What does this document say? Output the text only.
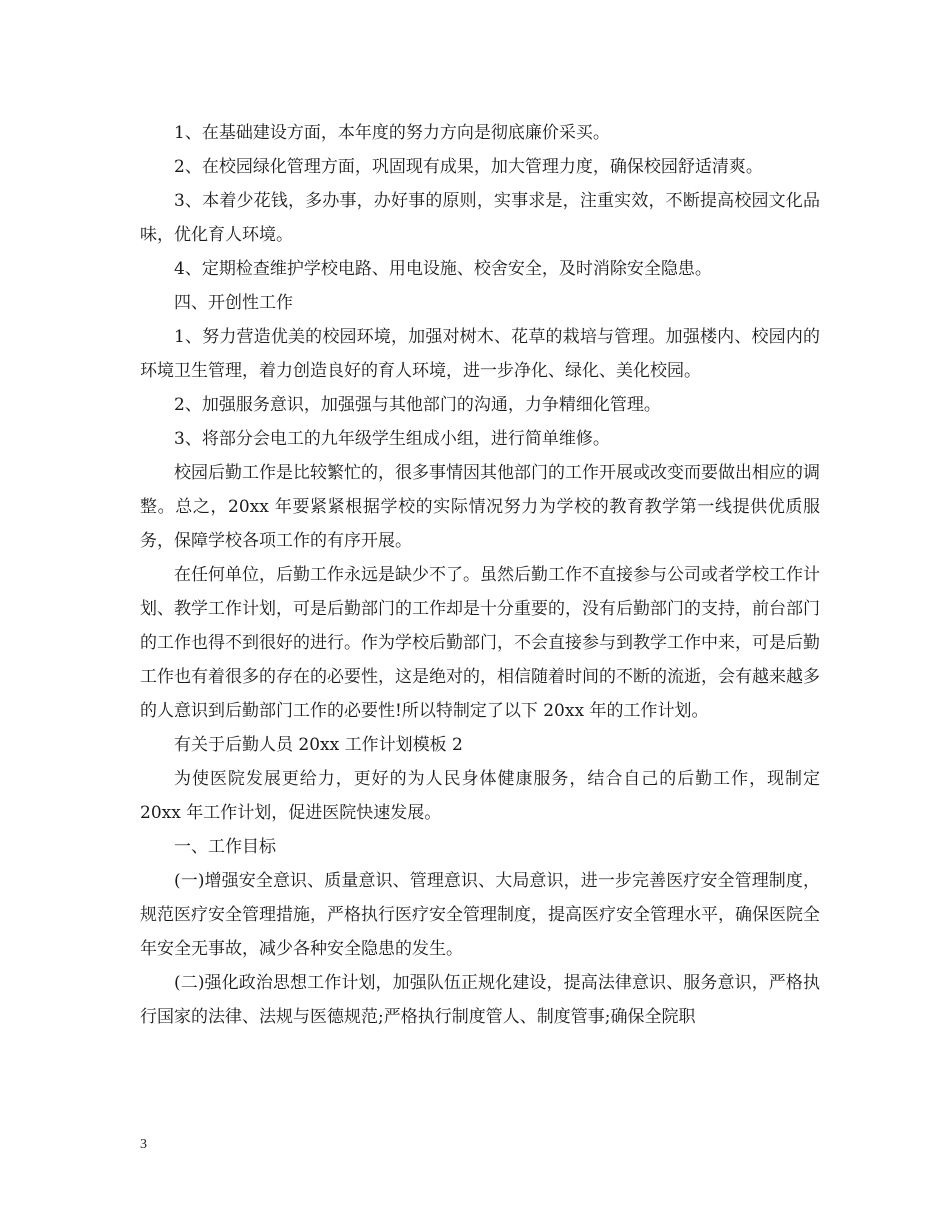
1、在基础建设方面，本年度的努力方向是彻底廉价采买。

2、在校园绿化管理方面，巩固现有成果，加大管理力度，确保校园舒适清爽。

3、本着少花钱，多办事，办好事的原则，实事求是，注重实效，不断提高校园文化品味，优化育人环境。

4、定期检查维护学校电路、用电设施、校舍安全，及时消除安全隐患。

四、开创性工作

1、努力营造优美的校园环境，加强对树木、花草的栽培与管理。加强楼内、校园内的环境卫生管理，着力创造良好的育人环境，进一步净化、绿化、美化校园。

2、加强服务意识，加强强与其他部门的沟通，力争精细化管理。

3、将部分会电工的九年级学生组成小组，进行简单维修。

校园后勤工作是比较繁忙的，很多事情因其他部门的工作开展或改变而要做出相应的调整。总之，20xx 年要紧紧根据学校的实际情况努力为学校的教育教学第一线提供优质服务，保障学校各项工作的有序开展。

在任何单位，后勤工作永远是缺少不了。虽然后勤工作不直接参与公司或者学校工作计划、教学工作计划，可是后勤部门的工作却是十分重要的，没有后勤部门的支持，前台部门的工作也得不到很好的进行。作为学校后勤部门，不会直接参与到教学工作中来，可是后勤工作也有着很多的存在的必要性，这是绝对的，相信随着时间的不断的流逝，会有越来越多的人意识到后勤部门工作的必要性!所以特制定了以下 20xx 年的工作计划。

有关于后勤人员 20xx 工作计划模板 2

为使医院发展更给力，更好的为人民身体健康服务，结合自己的后勤工作，现制定 20xx 年工作计划，促进医院快速发展。

一、工作目标

(一)增强安全意识、质量意识、管理意识、大局意识，进一步完善医疗安全管理制度，规范医疗安全管理措施，严格执行医疗安全管理制度，提高医疗安全管理水平，确保医院全年安全无事故，减少各种安全隐患的发生。

(二)强化政治思想工作计划，加强队伍正规化建设，提高法律意识、服务意识，严格执行国家的法律、法规与医德规范;严格执行制度管人、制度管事;确保全院职

3
